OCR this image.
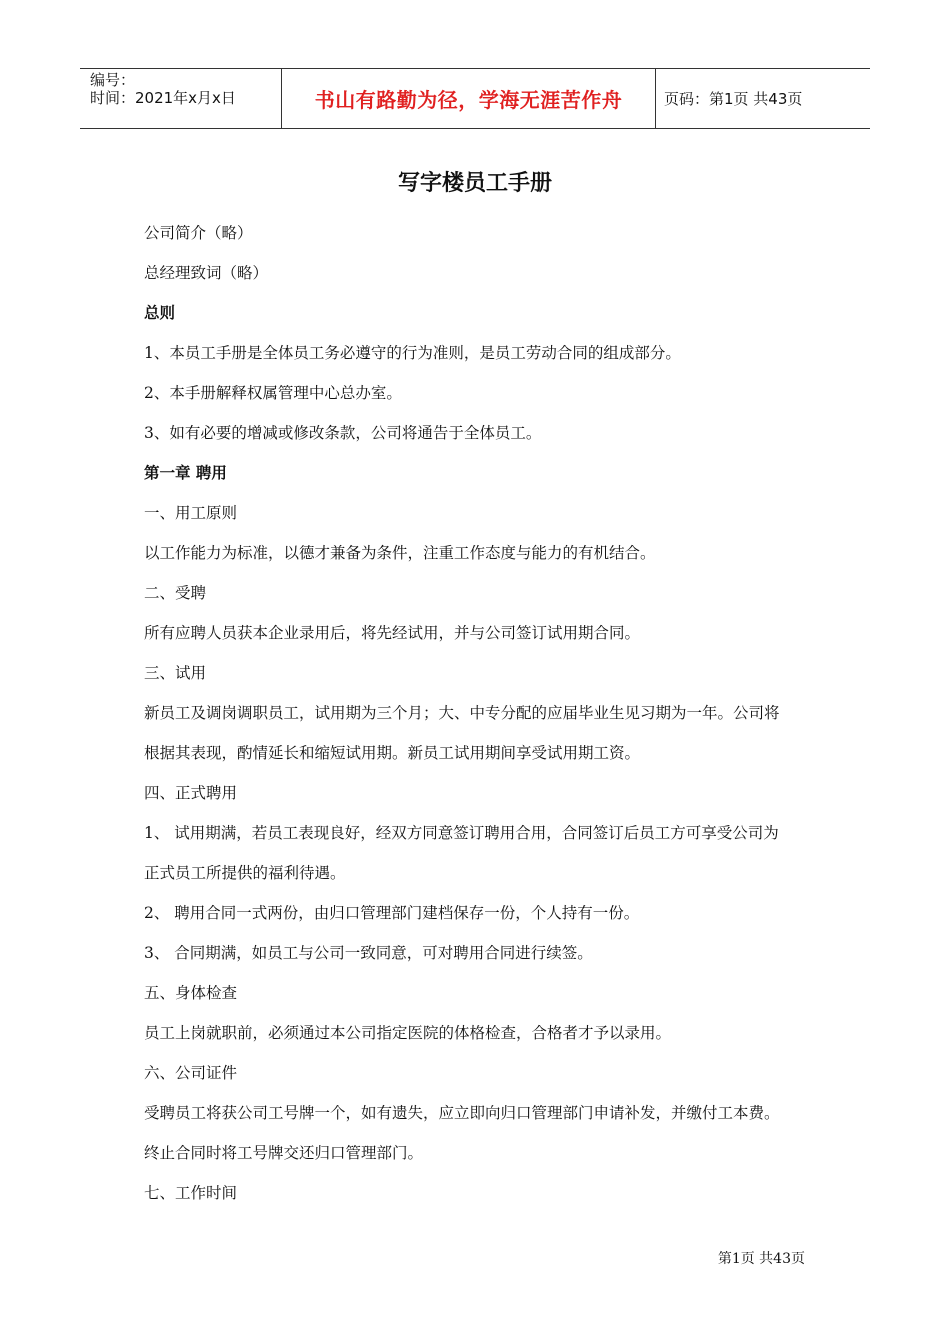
编号：
时间：2021年x月x日	书山有路勤为径，学海无涯苦作舟	页码：第1页 共43页
写字楼员工手册
公司简介（略）
总经理致词（略）
总则
1、本员工手册是全体员工务必遵守的行为准则，是员工劳动合同的组成部分。
2、本手册解释权属管理中心总办室。
3、如有必要的增减或修改条款，公司将通告于全体员工。
第一章 聘用
一、用工原则
以工作能力为标准，以德才兼备为条件，注重工作态度与能力的有机结合。
二、受聘
所有应聘人员获本企业录用后，将先经试用，并与公司签订试用期合同。
三、试用
新员工及调岗调职员工，试用期为三个月；大、中专分配的应届毕业生见习期为一年。公司将
根据其表现，酌情延长和缩短试用期。新员工试用期间享受试用期工资。
四、正式聘用
1、 试用期满，若员工表现良好，经双方同意签订聘用合用，合同签订后员工方可享受公司为
正式员工所提供的福利待遇。
2、 聘用合同一式两份，由归口管理部门建档保存一份，个人持有一份。
3、 合同期满，如员工与公司一致同意，可对聘用合同进行续签。
五、身体检查
员工上岗就职前，必须通过本公司指定医院的体格检查，合格者才予以录用。
六、公司证件
受聘员工将获公司工号牌一个，如有遗失，应立即向归口管理部门申请补发，并缴付工本费。
终止合同时将工号牌交还归口管理部门。
七、工作时间
第1页 共43页
